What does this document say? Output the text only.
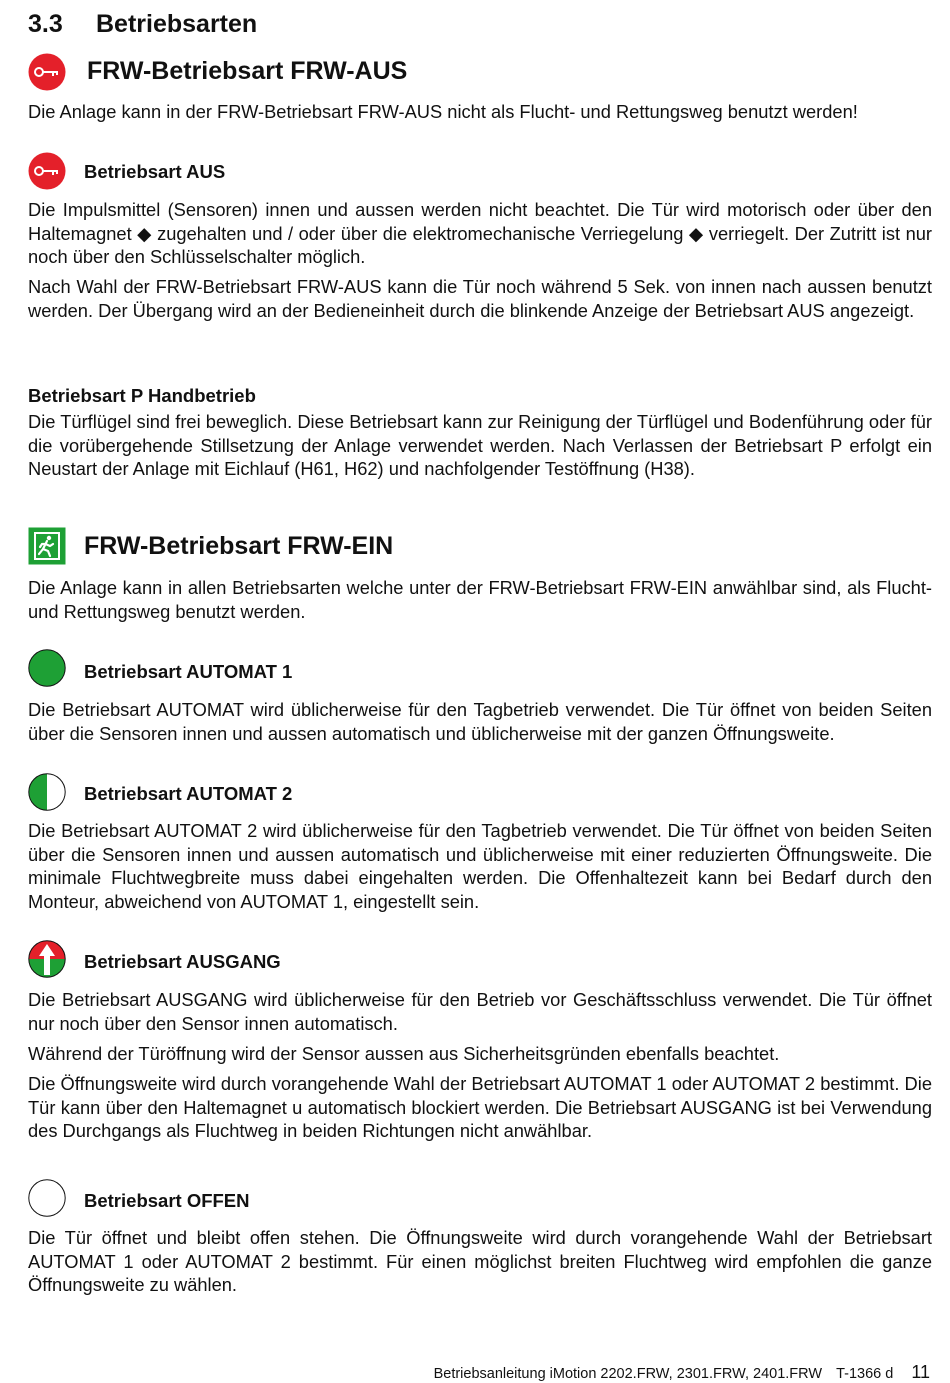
3.3 Betriebsarten
FRW-Betriebsart FRW-AUS
Die Anlage kann in der FRW-Betriebsart FRW-AUS nicht als Flucht- und Rettungsweg benutzt werden!
Betriebsart AUS
Die Impulsmittel (Sensoren) innen und aussen werden nicht beachtet. Die Tür wird motorisch oder über den Haltemagnet ◆ zugehalten und / oder über die elektromechanische Verriegelung ◆ verriegelt. Der Zutritt ist nur noch über den Schlüsselschalter möglich.
Nach Wahl der FRW-Betriebsart FRW-AUS kann die Tür noch während 5 Sek. von innen nach aussen benutzt werden. Der Übergang wird an der Bedieneinheit durch die blinkende Anzeige der Betriebsart AUS angezeigt.
Betriebsart P Handbetrieb
Die Türflügel sind frei beweglich. Diese Betriebsart kann zur Reinigung der Türflügel und Bodenführung oder für die vorübergehende Stillsetzung der Anlage verwendet werden. Nach Verlassen der Betriebsart P erfolgt ein Neustart der Anlage mit Eichlauf (H61, H62) und nachfolgender Testöffnung (H38).
FRW-Betriebsart FRW-EIN
Die Anlage kann in allen Betriebsarten welche unter der FRW-Betriebsart FRW-EIN anwählbar sind, als Flucht- und Rettungsweg benutzt werden.
Betriebsart AUTOMAT 1
Die Betriebsart AUTOMAT wird üblicherweise für den Tagbetrieb verwendet. Die Tür öffnet von beiden Seiten über die Sensoren innen und aussen automatisch und üblicherweise mit der ganzen Öffnungsweite.
Betriebsart AUTOMAT 2
Die Betriebsart AUTOMAT 2 wird üblicherweise für den Tagbetrieb verwendet. Die Tür öffnet von beiden Seiten über die Sensoren innen und aussen automatisch und üblicherweise mit einer reduzierten Öffnungsweite. Die minimale Fluchtwegbreite muss dabei eingehalten werden. Die Offenhaltezeit kann bei Bedarf durch den Monteur, abweichend von AUTOMAT 1, eingestellt sein.
Betriebsart AUSGANG
Die Betriebsart AUSGANG wird üblicherweise für den Betrieb vor Geschäftsschluss verwendet. Die Tür öffnet nur noch über den Sensor innen automatisch.
Während der Türöffnung wird der Sensor aussen aus Sicherheitsgründen ebenfalls beachtet.
Die Öffnungsweite wird durch vorangehende Wahl der Betriebsart AUTOMAT 1 oder AUTOMAT 2 bestimmt. Die Tür kann über den Haltemagnet u automatisch blockiert werden. Die Betriebsart AUSGANG ist bei Verwendung des Durchgangs als Fluchtweg in beiden Richtungen nicht anwählbar.
Betriebsart OFFEN
Die Tür öffnet und bleibt offen stehen. Die Öffnungsweite wird durch vorangehende Wahl der Betriebsart AUTOMAT 1 oder AUTOMAT 2 bestimmt. Für einen möglichst breiten Fluchtweg wird empfohlen die ganze Öffnungsweite zu wählen.
Betriebsanleitung iMotion 2202.FRW, 2301.FRW, 2401.FRW T-1366 d 11
